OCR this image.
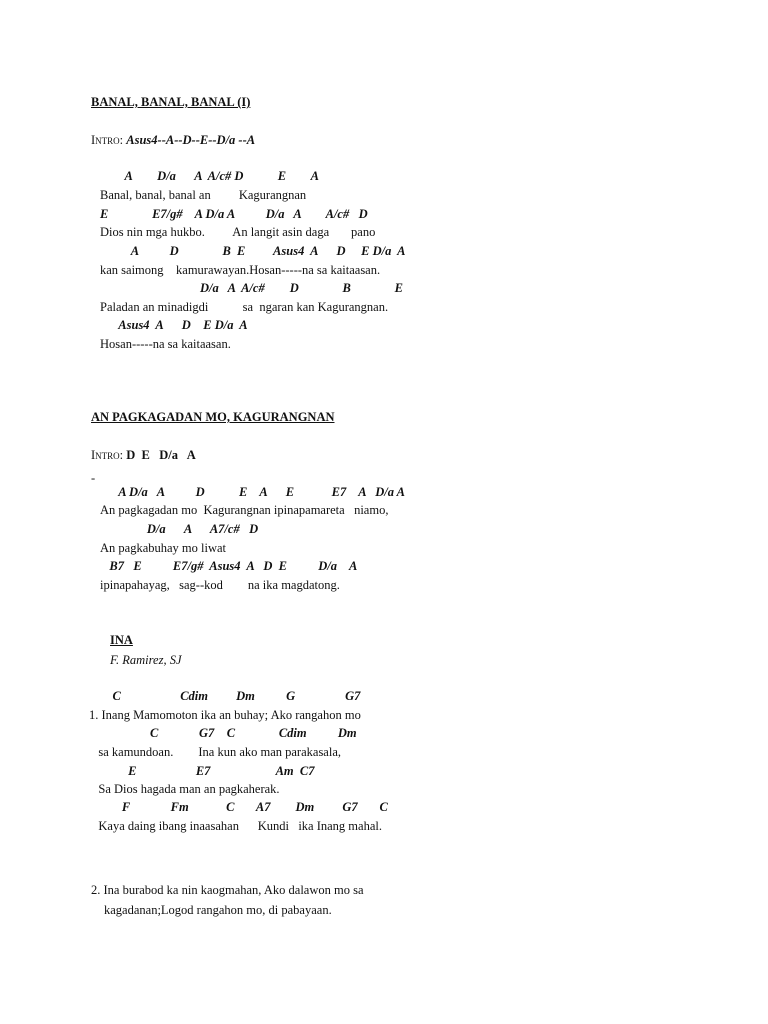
BANAL, BANAL, BANAL (I)
Intro: Asus4--A--D--E--D/a --A
A        D/a      A  A/c# D           E        A
Banal, banal, banal an         Kagurangnan
E              E7/g#    A D/a A          D/a   A        A/c#   D
Dios nin mga hukbo.         An langit asin daga       pano
A          D              B  E         Asus4  A      D     E D/a  A
kan saimong    kamurawayan.Hosan-----na sa kaitaasan.
D/a   A  A/c#        D              B              E
Paladan an minadigdi           sa  ngaran kan Kagurangnan.
Asus4  A      D    E D/a  A
Hosan-----na sa kaitaasan.
AN PAGKAGADAN MO, KAGURANGNAN
Intro: D  E   D/a   A
-
A D/a   A          D           E    A      E            E7    A   D/a A
An pagkagadan mo  Kagurangnan ipinapamareta   niamo,
D/a      A      A7/c#   D
An pagkabuhay mo liwat
B7   E          E7/g#  Asus4  A   D  E          D/a    A
ipinapahayag,   sag--kod        na ika magdatong.
INA
F. Ramirez, SJ
C                   Cdim         Dm          G                G7
1. Inang Mamomoton ika an buhay; Ako rangahon mo
C             G7    C              Cdim          Dm
sa kamundoan.        Ina kun ako man parakasala,
E                   E7                     Am  C7
Sa Dios hagada man an pagkaherak.
F             Fm            C       A7        Dm         G7       C
Kaya daing ibang inaasahan      Kundi   ika Inang mahal.
2. Ina burabod ka nin kaogmahan, Ako dalawon mo sa
kagadanan;Logod rangahon mo, di pabayaan.
